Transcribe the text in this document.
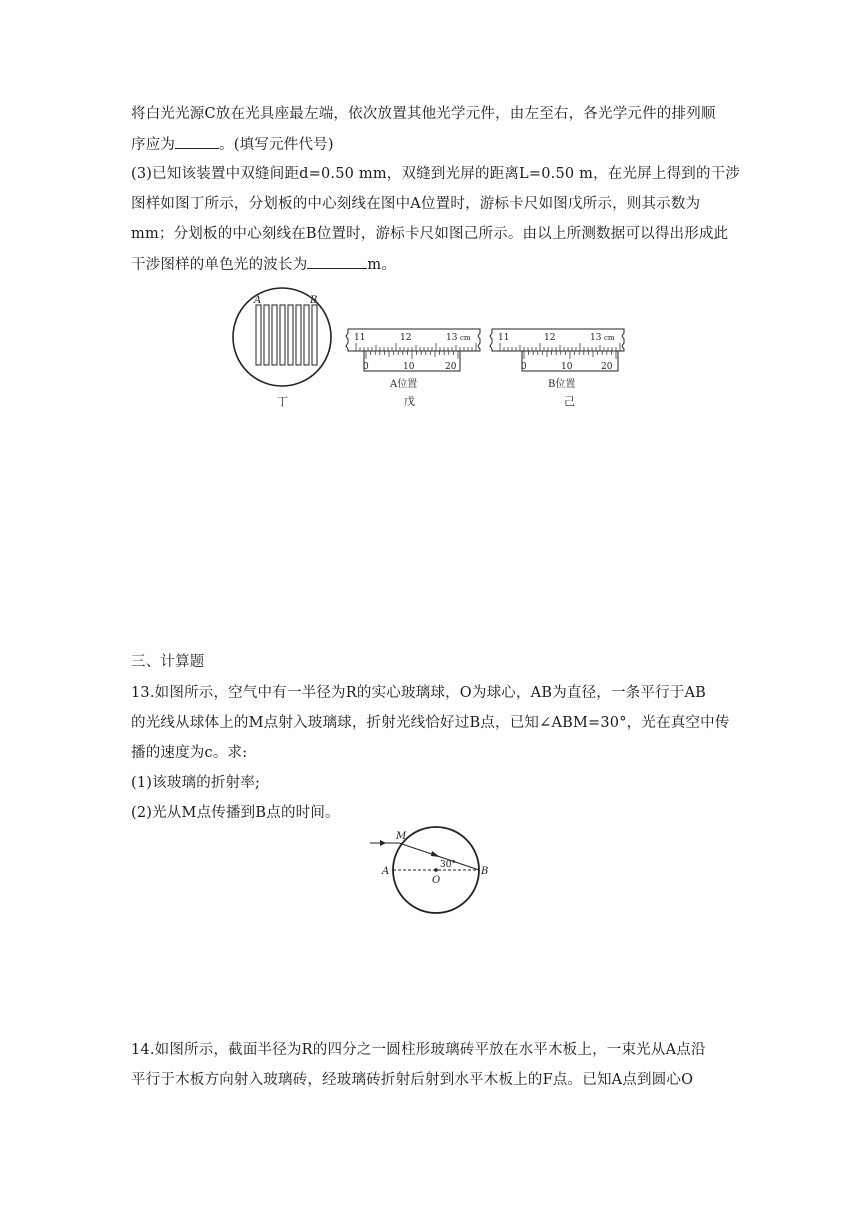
将白光光源C放在光具座最左端，依次放置其他光学元件，由左至右，各光学元件的排列顺
序应为	。(填写元件代号)
(3)已知该装置中双缝间距d=0.50 mm，双缝到光屏的距离L=0.50 m，在光屏上得到的干涉
图样如图丁所示，分划板的中心刻线在图中A位置时，游标卡尺如图戊所示，则其示数为
mm；分划板的中心刻线在B位置时，游标卡尺如图己所示。由以上所测数据可以得出形成此
干涉图样的单色光的波长为	m。
A	B
丁
11	12	13 cm
0	10	20
A位置
戊
11	12	13 cm
0	10	20
B位置
己
三、计算题
13.如图所示，空气中有一半径为R的实心玻璃球，O为球心，AB为直径，一条平行于AB
的光线从球体上的M点射入玻璃球，折射光线恰好过B点，已知∠ABM=30°，光在真空中传
播的速度为c。求:
(1)该玻璃的折射率;
(2)光从M点传播到B点的时间。
M
A
O
B
30°
14.如图所示，截面半径为R的四分之一圆柱形玻璃砖平放在水平木板上，一束光从A点沿
平行于木板方向射入玻璃砖，经玻璃砖折射后射到水平木板上的F点。已知A点到圆心O
